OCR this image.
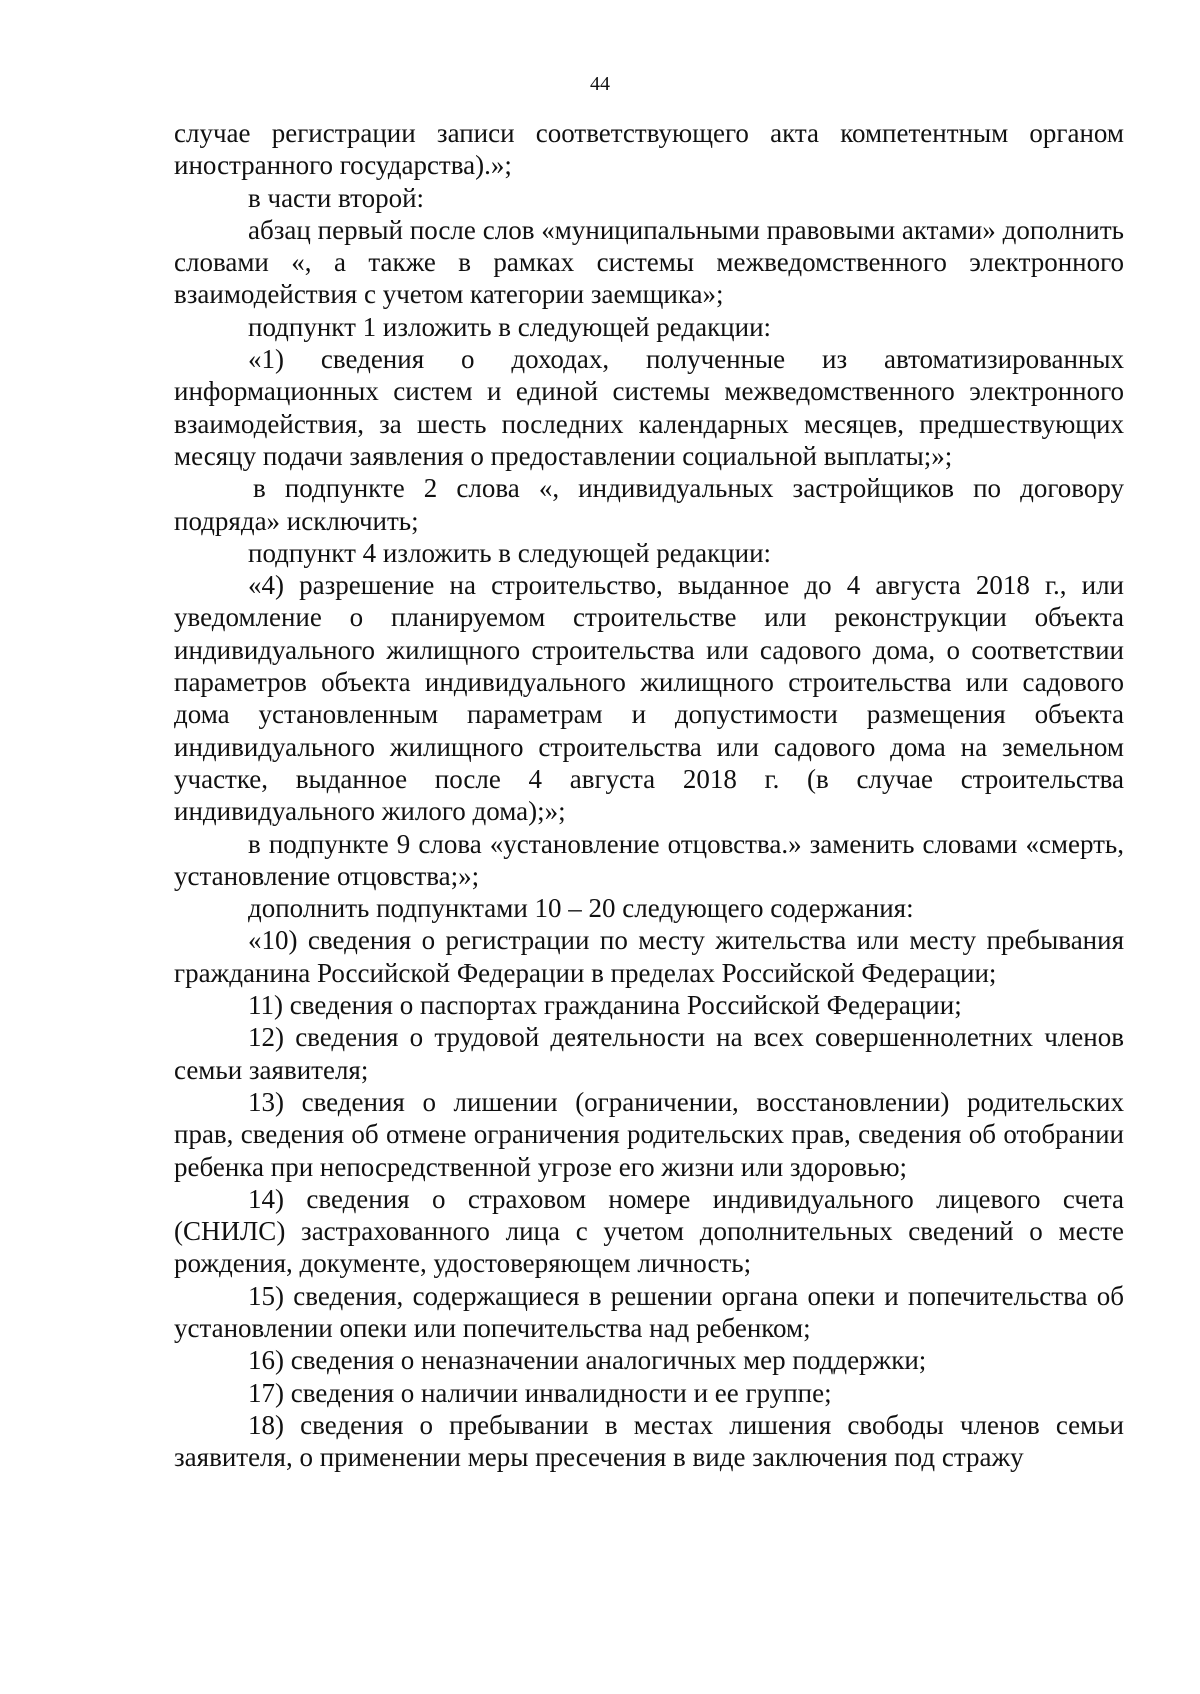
44

случае регистрации записи соответствующего акта компетентным органом иностранного государства).»;

в части второй:

абзац первый после слов «муниципальными правовыми актами» дополнить словами «, а также в рамках системы межведомственного электронного взаимодействия с учетом категории заемщика»;

подпункт 1 изложить в следующей редакции:

«1) сведения о доходах, полученные из автоматизированных информационных систем и единой системы межведомственного электронного взаимодействия, за шесть последних календарных месяцев, предшествующих месяцу подачи заявления о предоставлении социальной выплаты;»;

в подпункте 2 слова «, индивидуальных застройщиков по договору подряда» исключить;

подпункт 4 изложить в следующей редакции:

«4) разрешение на строительство, выданное до 4 августа 2018 г., или уведомление о планируемом строительстве или реконструкции объекта индивидуального жилищного строительства или садового дома, о соответствии параметров объекта индивидуального жилищного строительства или садового дома установленным параметрам и допустимости размещения объекта индивидуального жилищного строительства или садового дома на земельном участке, выданное после 4 августа 2018 г. (в случае строительства индивидуального жилого дома);»;

в подпункте 9 слова «установление отцовства.» заменить словами «смерть, установление отцовства;»;

дополнить подпунктами 10 – 20 следующего содержания:

«10) сведения о регистрации по месту жительства или месту пребывания гражданина Российской Федерации в пределах Российской Федерации;

11) сведения о паспортах гражданина Российской Федерации;

12) сведения о трудовой деятельности на всех совершеннолетних членов семьи заявителя;

13) сведения о лишении (ограничении, восстановлении) родительских прав, сведения об отмене ограничения родительских прав, сведения об отобрании ребенка при непосредственной угрозе его жизни или здоровью;

14) сведения о страховом номере индивидуального лицевого счета (СНИЛС) застрахованного лица с учетом дополнительных сведений о месте рождения, документе, удостоверяющем личность;

15) сведения, содержащиеся в решении органа опеки и попечительства об установлении опеки или попечительства над ребенком;

16) сведения о неназначении аналогичных мер поддержки;

17) сведения о наличии инвалидности и ее группе;

18) сведения о пребывании в местах лишения свободы членов семьи заявителя, о применении меры пресечения в виде заключения под стражу
